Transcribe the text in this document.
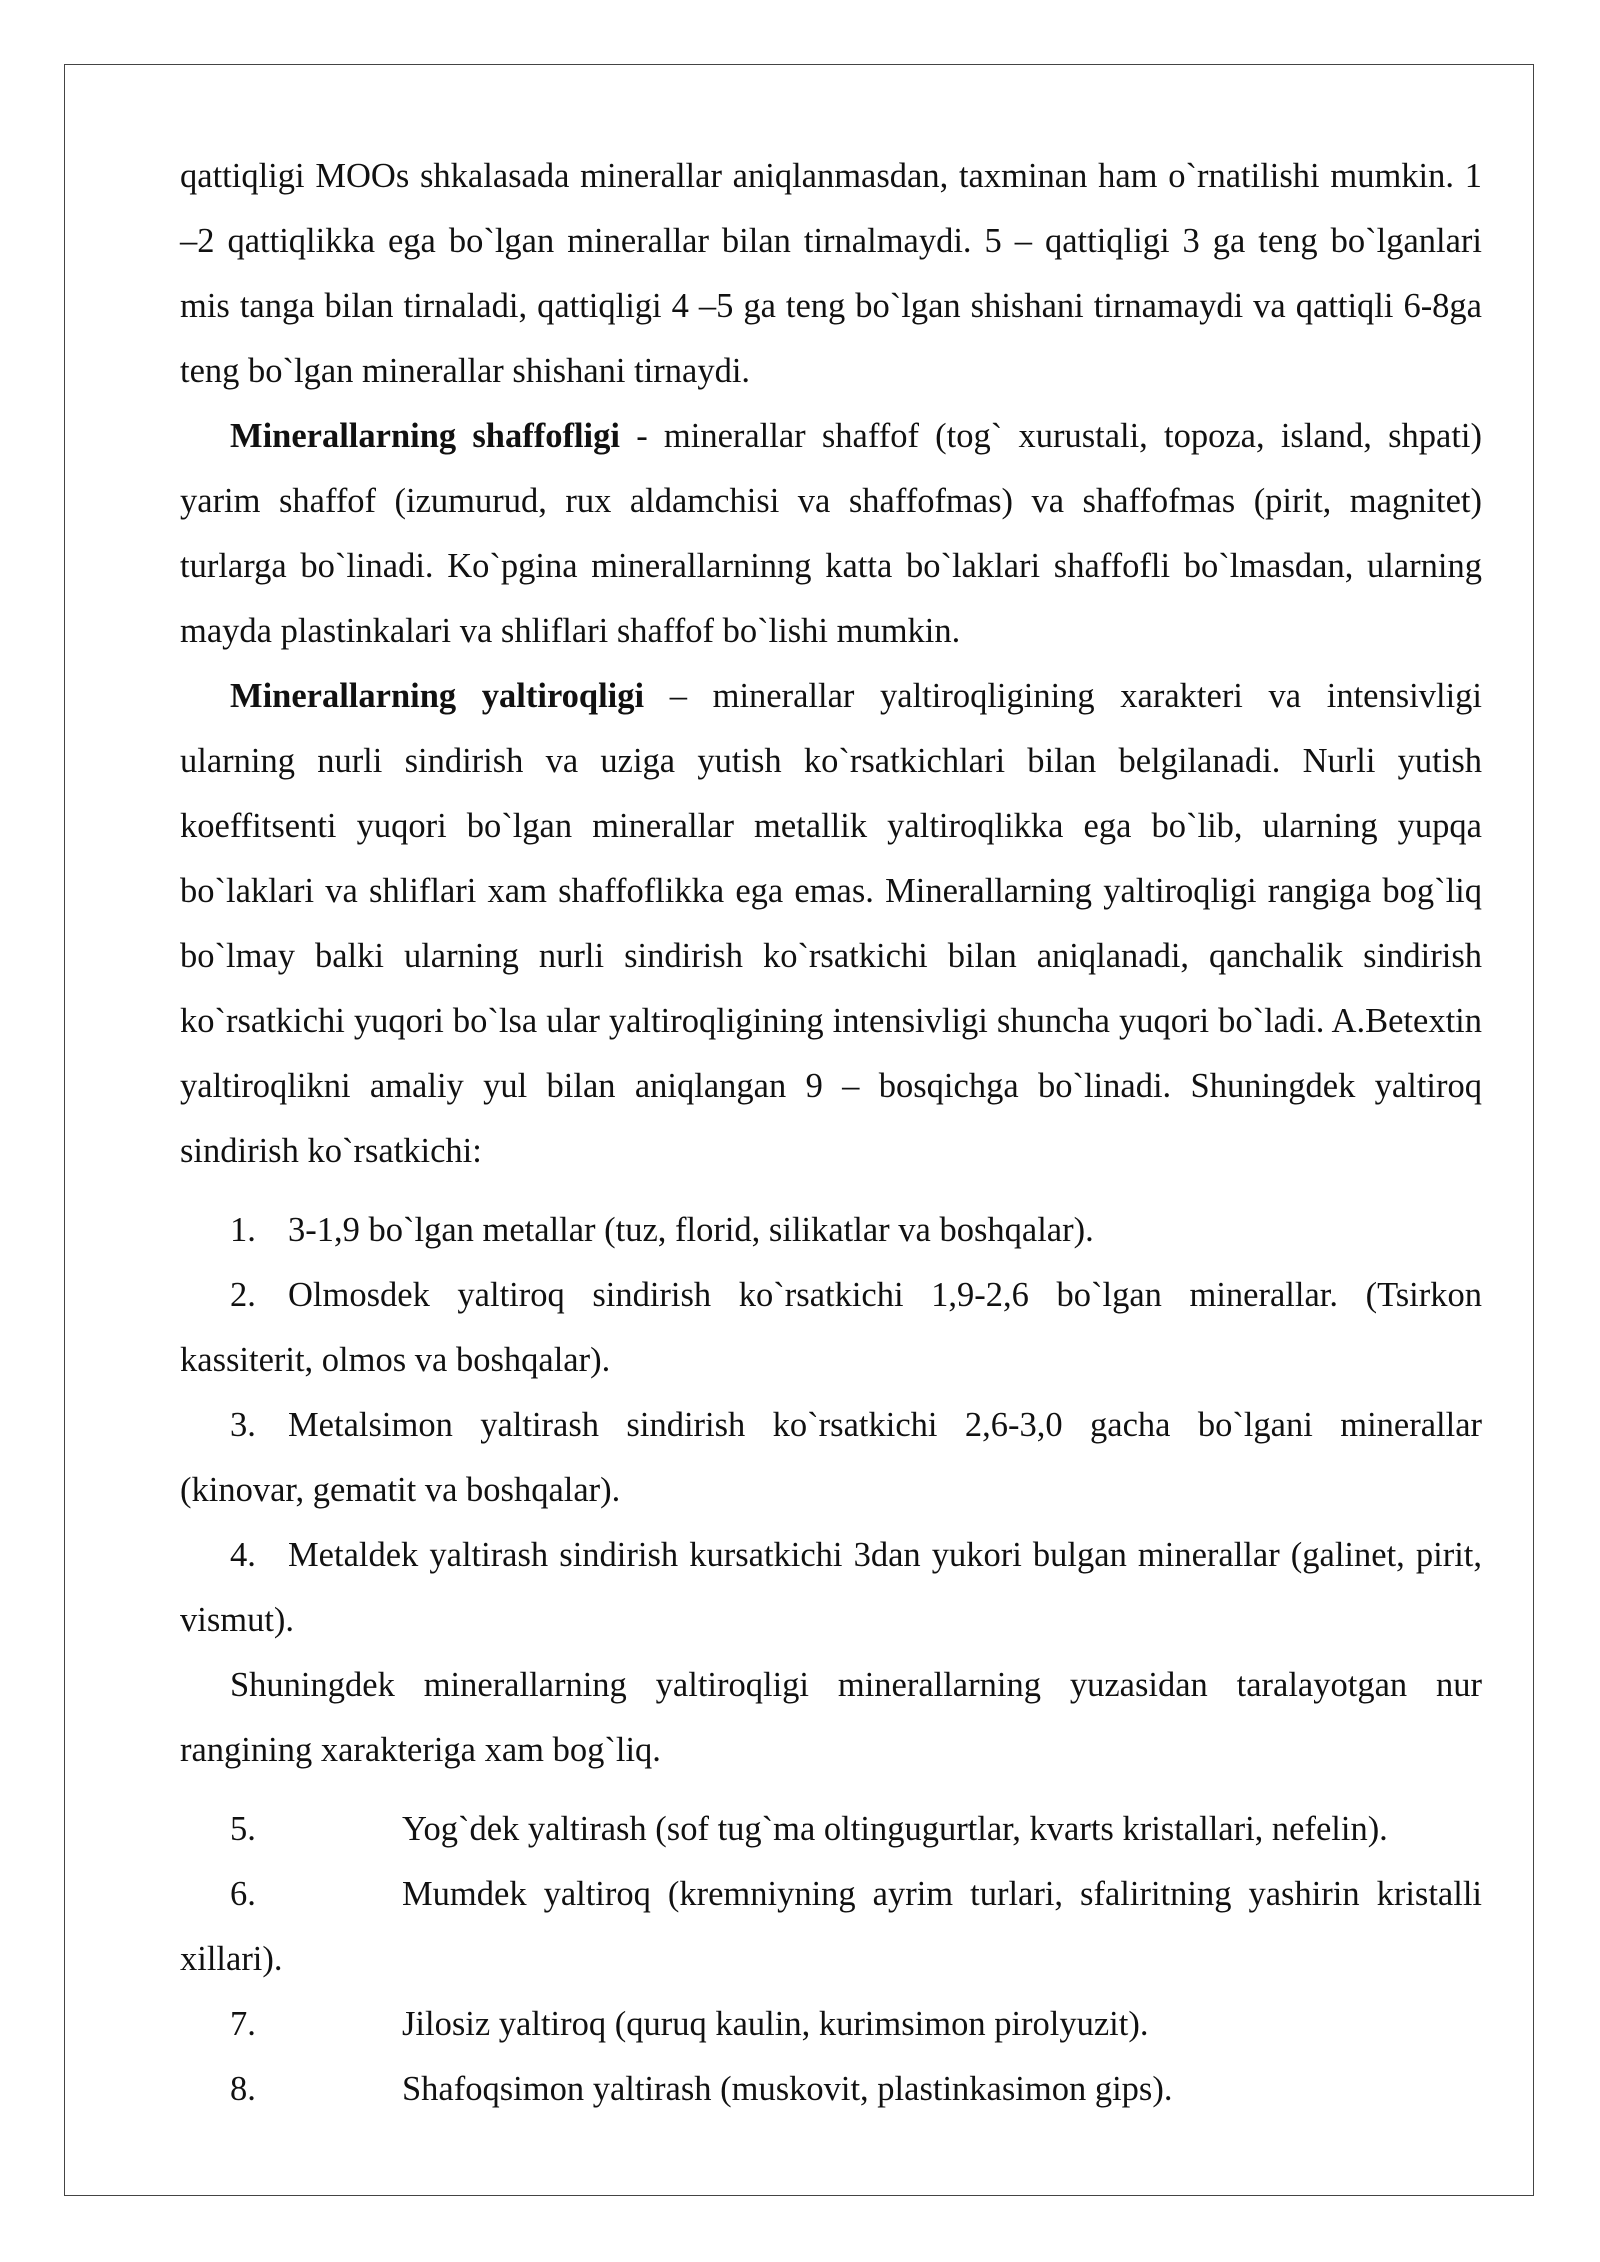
qattiqligi MOOs shkalasada minerallar aniqlanmasdan, taxminan ham o`rnatilishi mumkin. 1 –2 qattiqlikka ega bo`lgan minerallar bilan tirnalmaydi. 5 – qattiqligi 3 ga teng bo`lganlari mis tanga bilan tirnaladi, qattiqligi 4 –5 ga teng bo`lgan shishani tirnamaydi va qattiqli 6-8ga teng bo`lgan minerallar shishani tirnaydi.

Minerallarning shaffofligi - minerallar shaffof (tog` xurustali, topoza, island, shpati) yarim shaffof (izumurud, rux aldamchisi va shaffofmas) va shaffofmas (pirit, magnitet) turlarga bo`linadi. Ko`pgina minerallarninng katta bo`laklari shaffofli bo`lmasdan, ularning mayda plastinkalari va shliflari shaffof bo`lishi mumkin.

Minerallarning yaltiroqligi – minerallar yaltiroqligining xarakteri va intensivligi ularning nurli sindirish va uziga yutish ko`rsatkichlari bilan belgilanadi. Nurli yutish koeffitsenti yuqori bo`lgan minerallar metallik yaltiroqlikka ega bo`lib, ularning yupqa bo`laklari va shliflari xam shaffoflikka ega emas. Minerallarning yaltiroqligi rangiga bog`liq bo`lmay balki ularning nurli sindirish ko`rsatkichi bilan aniqlanadi, qanchalik sindirish ko`rsatkichi yuqori bo`lsa ular yaltiroqligining intensivligi shuncha yuqori bo`ladi. A.Betextin yaltiroqlikni amaliy yul bilan aniqlangan 9 – bosqichga bo`linadi. Shuningdek yaltiroq sindirish ko`rsatkichi:

1. 3-1,9 bo`lgan metallar (tuz, florid, silikatlar va boshqalar).

2. Olmosdek yaltiroq sindirish ko`rsatkichi 1,9-2,6 bo`lgan minerallar. (Tsirkon kassiterit, olmos va boshqalar).

3. Metalsimon yaltirash sindirish ko`rsatkichi 2,6-3,0 gacha bo`lgani minerallar (kinovar, gematit va boshqalar).

4. Metaldek yaltirash sindirish kursatkichi 3dan yukori bulgan minerallar (galinet, pirit, vismut).

Shuningdek minerallarning yaltiroqligi minerallarning yuzasidan taralayotgan nur rangining xarakteriga xam bog`liq.

5.	Yog`dek yaltirash (sof tug`ma oltingugurtlar, kvarts kristallari, nefelin).

6.	Mumdek yaltiroq (kremniyning ayrim turlari, sfaliritning yashirin kristalli xillari).

7.	Jilosiz yaltiroq (quruq kaulin, kurimsimon pirolyuzit).

8.	Shafoqsimon yaltirash (muskovit, plastinkasimon gips).
